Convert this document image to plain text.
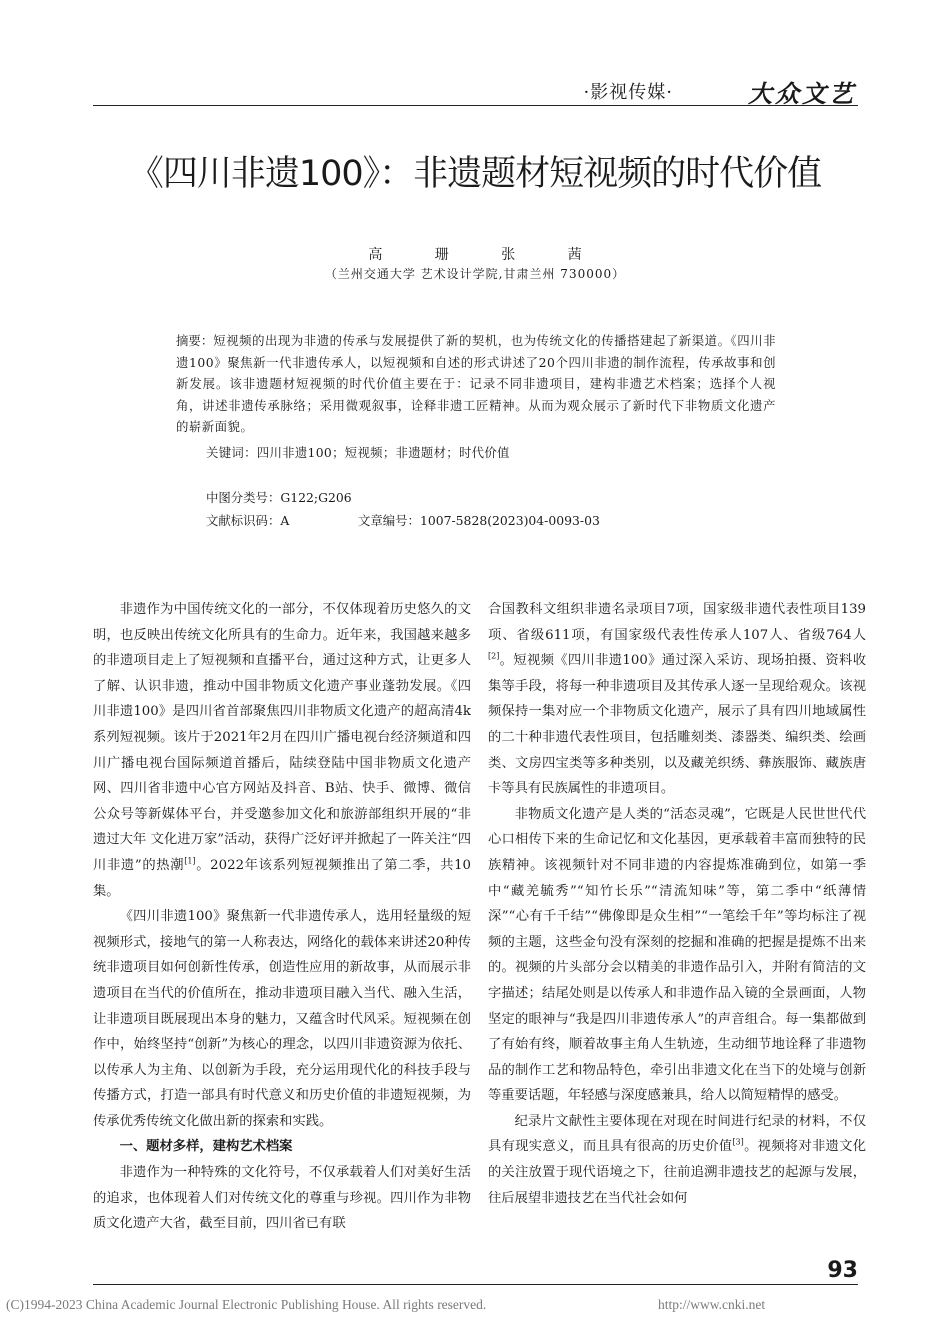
·影视传媒·	大众文艺
《四川非遗100》：非遗题材短视频的时代价值
高 珊 张 茜
（兰州交通大学 艺术设计学院,甘肃兰州 730000）
摘要：短视频的出现为非遗的传承与发展提供了新的契机，也为传统文化的传播搭建起了新渠道。《四川非遗100》聚焦新一代非遗传承人，以短视频和自述的形式讲述了20个四川非遗的制作流程，传承故事和创新发展。该非遗题材短视频的时代价值主要在于：记录不同非遗项目，建构非遗艺术档案；选择个人视角，讲述非遗传承脉络；采用微观叙事，诠释非遗工匠精神。从而为观众展示了新时代下非物质文化遗产的崭新面貌。
关键词：四川非遗100；短视频；非遗题材；时代价值
中图分类号：G122;G206
文献标识码：A	文章编号：1007-5828(2023)04-0093-03

非遗作为中国传统文化的一部分，不仅体现着历史悠久的文明，也反映出传统文化所具有的生命力。近年来，我国越来越多的非遗项目走上了短视频和直播平台，通过这种方式，让更多人了解、认识非遗，推动中国非物质文化遗产事业蓬勃发展。《四川非遗100》是四川省首部聚焦四川非物质文化遗产的超高清4k系列短视频。该片于2021年2月在四川广播电视台经济频道和四川广播电视台国际频道首播后，陆续登陆中国非物质文化遗产网、四川省非遗中心官方网站及抖音、B站、快手、微博、微信公众号等新媒体平台，并受邀参加文化和旅游部组织开展的“非遗过大年 文化进万家”活动，获得广泛好评并掀起了一阵关注“四川非遗”的热潮[1]。2022年该系列短视频推出了第二季，共10集。

《四川非遗100》聚焦新一代非遗传承人，选用轻量级的短视频形式，接地气的第一人称表达，网络化的载体来讲述20种传统非遗项目如何创新性传承，创造性应用的新故事，从而展示非遗项目在当代的价值所在，推动非遗项目融入当代、融入生活，让非遗项目既展现出本身的魅力，又蕴含时代风采。短视频在创作中，始终坚持“创新”为核心的理念，以四川非遗资源为依托、以传承人为主角、以创新为手段，充分运用现代化的科技手段与传播方式，打造一部具有时代意义和历史价值的非遗短视频，为传承优秀传统文化做出新的探索和实践。

一、题材多样，建构艺术档案

非遗作为一种特殊的文化符号，不仅承载着人们对美好生活的追求，也体现着人们对传统文化的尊重与珍视。四川作为非物质文化遗产大省，截至目前，四川省已有联

合国教科文组织非遗名录项目7项，国家级非遗代表性项目139项、省级611项，有国家级代表性传承人107人、省级764人[2]。短视频《四川非遗100》通过深入采访、现场拍摄、资料收集等手段，将每一种非遗项目及其传承人逐一呈现给观众。该视频保持一集对应一个非物质文化遗产，展示了具有四川地域属性的二十种非遗代表性项目，包括雕刻类、漆器类、编织类、绘画类、文房四宝类等多种类别，以及藏羌织绣、彝族服饰、藏族唐卡等具有民族属性的非遗项目。

非物质文化遗产是人类的“活态灵魂”，它既是人民世世代代心口相传下来的生命记忆和文化基因，更承载着丰富而独特的民族精神。该视频针对不同非遗的内容提炼准确到位，如第一季中“藏羌毓秀”“知竹长乐”“清流知味”等，第二季中“纸薄情深”“心有千千结”“佛像即是众生相”“一笔绘千年”等均标注了视频的主题，这些金句没有深刻的挖掘和准确的把握是提炼不出来的。视频的片头部分会以精美的非遗作品引入，并附有简洁的文字描述；结尾处则是以传承人和非遗作品入镜的全景画面，人物坚定的眼神与“我是四川非遗传承人”的声音组合。每一集都做到了有始有终，顺着故事主角人生轨迹，生动细节地诠释了非遗物品的制作工艺和物品特色，牵引出非遗文化在当下的处境与创新等重要话题，年轻感与深度感兼具，给人以简短精悍的感受。

纪录片文献性主要体现在对现在时间进行纪录的材料，不仅具有现实意义，而且具有很高的历史价值[3]。视频将对非遗文化的关注放置于现代语境之下，往前追溯非遗技艺的起源与发展，往后展望非遗技艺在当代社会如何

93
(C)1994-2023 China Academic Journal Electronic Publishing House. All rights reserved.	http://www.cnki.net
